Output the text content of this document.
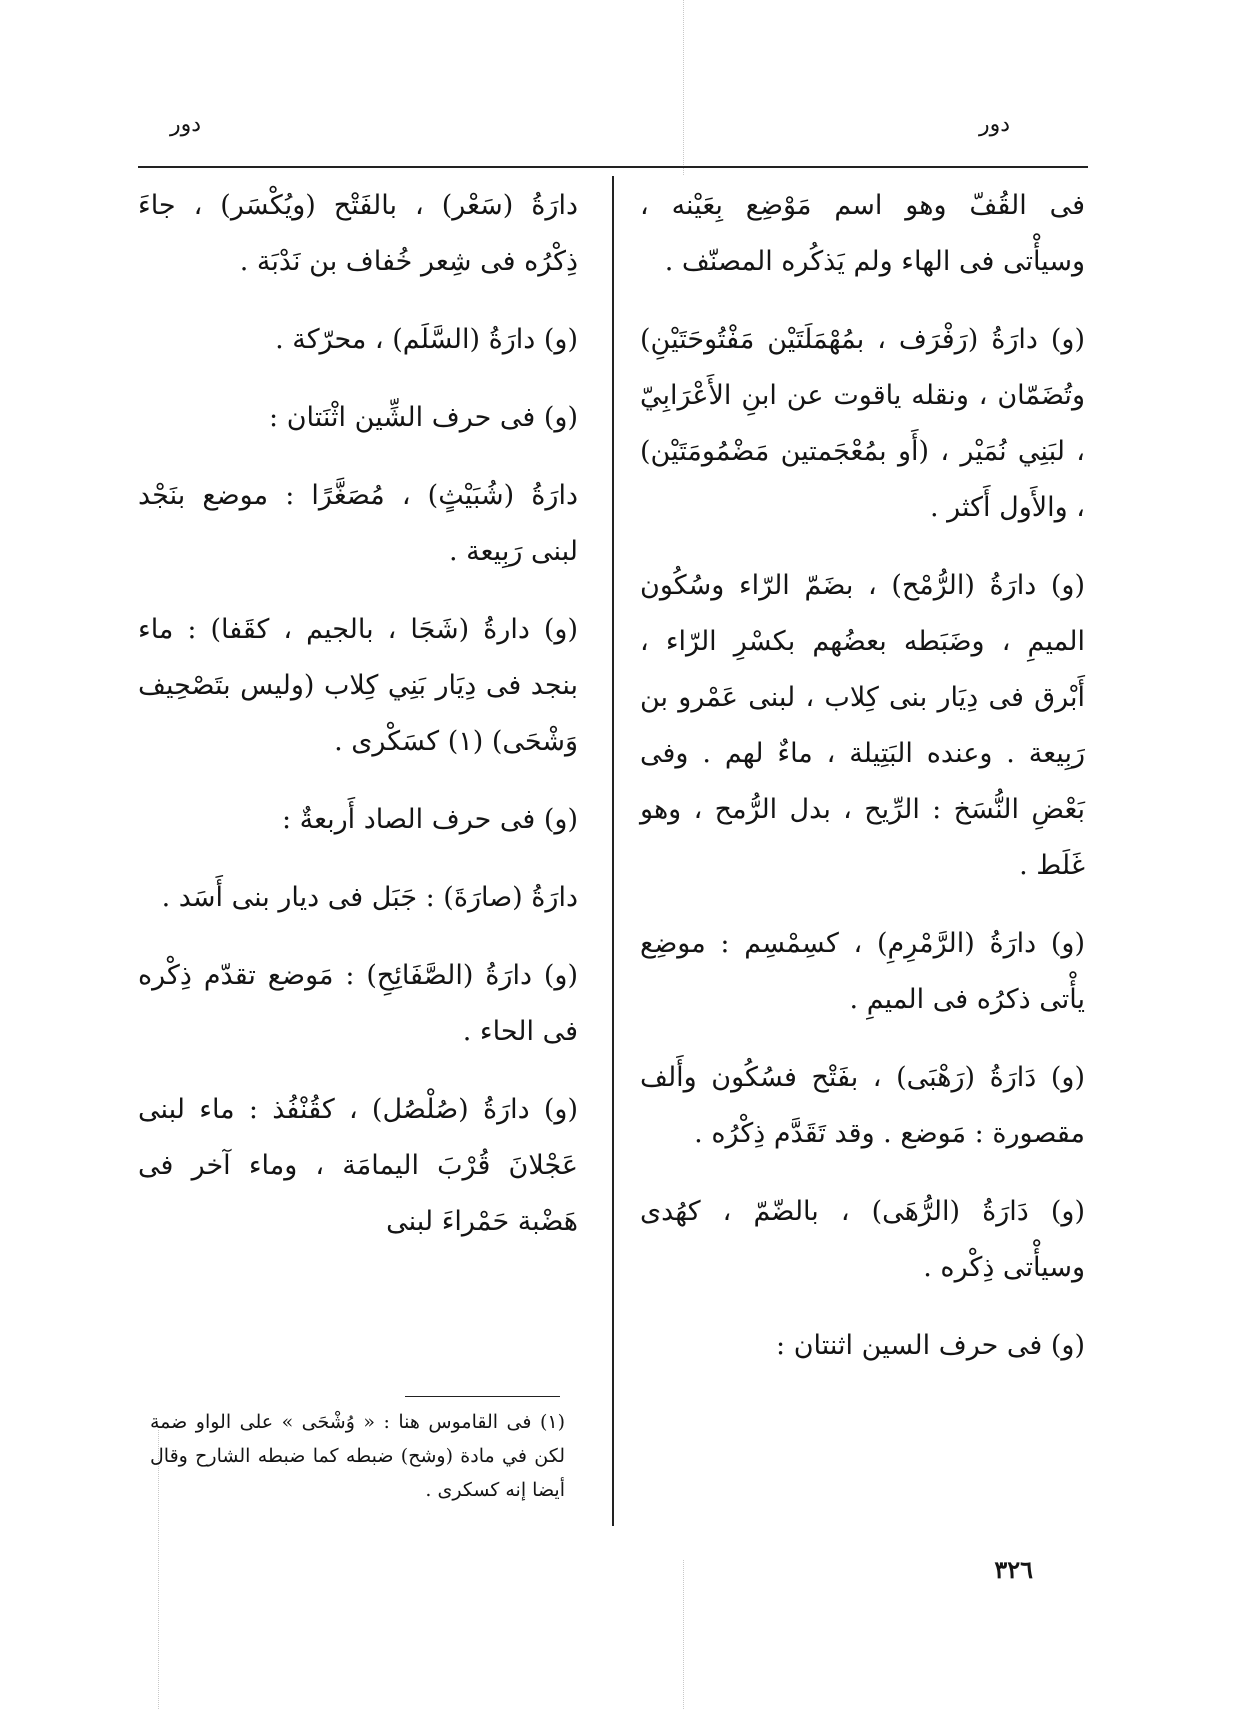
دور
دور

فى القُفّ وهو اسم مَوْضِع بِعَيْنه ، وسيأْتى فى الهاء ولم يَذكُره المصنّف .

(و) دارَةُ (رَفْرَف ، بمُهْمَلَتَيْن مَفْتُوحَتَيْنِ) وتُضَمّان ، ونقله ياقوت عن ابنِ الأَعْرَابِيّ ، لبَنِي نُمَيْر ، (أَو بمُعْجَمتين مَضْمُومَتَيْن) ، والأَول أَكثر .

(و) دارَةُ (الرُّمْح) ، بضَمّ الرّاء وسُكُون الميمِ ، وضَبَطه بعضُهم بكسْرِ الرّاء ، أَبْرق فى دِيَار بنى كِلاب ، لبنى عَمْرو بن رَبِيعة . وعنده البَتِيلة ، ماءٌ لهم . وفى بَعْضِ النُّسَخ : الرِّيح ، بدل الرُّمح ، وهو غَلَط .

(و) دارَةُ (الرَّمْرِمِ) ، كسِمْسِم : موضِع يأْتى ذكرُه فى الميمِ .

(و) دَارَةُ (رَهْبَى) ، بفَتْح فسُكُون وأَلف مقصورة : مَوضع . وقد تَقَدَّم ذِكْرُه .

(و) دَارَةُ (الرُّهَى) ، بالضّمّ ، كهُدى وسيأْتى ذِكْره .

(و) فى حرف السين اثنتان :

دارَةُ (سَعْر) ، بالفَتْح (ويُكْسَر) ، جاءَ ذِكْرُه فى شِعر خُفاف بن نَدْبَة .

(و) دارَةُ (السَّلَم) ، محرّكة .

(و) فى حرف الشِّين اثْنَتان :

دارَةُ (شُبَيْثٍ) ، مُصَغَّرًا : موضع بنَجْد لبنى رَبِيعة .

(و) دارةُ (شَجَا ، بالجيم ، كقَفا) : ماء بنجد فى دِيَار بَنِي كِلاب (وليس بتَصْحِيف وَشْحَى) (١) كسَكْرى .

(و) فى حرف الصاد أَربعةٌ :

دارَةُ (صارَةَ) : جَبَل فى ديار بنى أَسَد .

(و) دارَةُ (الصَّفَائِحِ) : مَوضع تقدّم ذِكْره فى الحاء .

(و) دارَةُ (صُلْصُل) ، كقُنْفُذ : ماء لبنى عَجْلانَ قُرْبَ اليمامَة ، وماء آخر فى هَضْبة حَمْراءَ لبنى

(١) فى القاموس هنا : « وُشْحَى » على الواو ضمة لكن في مادة (وشح) ضبطه كما ضبطه الشارح وقال أيضا إنه كسكرى .

٣٢٦
